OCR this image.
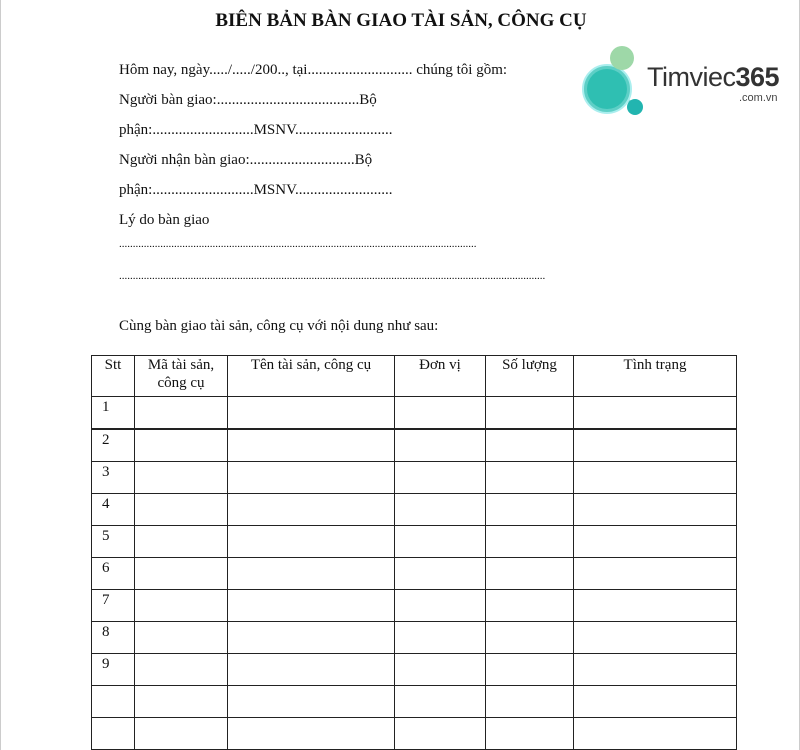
BIÊN BẢN BÀN GIAO TÀI SẢN, CÔNG CỤ
Hôm nay, ngày...../...../200.., tại............................ chúng tôi gồm:
Người bàn giao:......................................Bộ
phận:...........................MSNV..........................
Người nhận bàn giao:............................Bộ
phận:...........................MSNV..........................
Lý do bàn giao
..................................................................................................................................
...........................................................................................................................................................
Cùng bàn giao tài sản, công cụ với nội dung như sau:
Timviec365
.com.vn
Stt	Mã tài sản, công cụ	Tên tài sản, công cụ	Đơn vị	Số lượng	Tình trạng
1					
2					
3					
4					
5					
6					
7					
8					
9					
